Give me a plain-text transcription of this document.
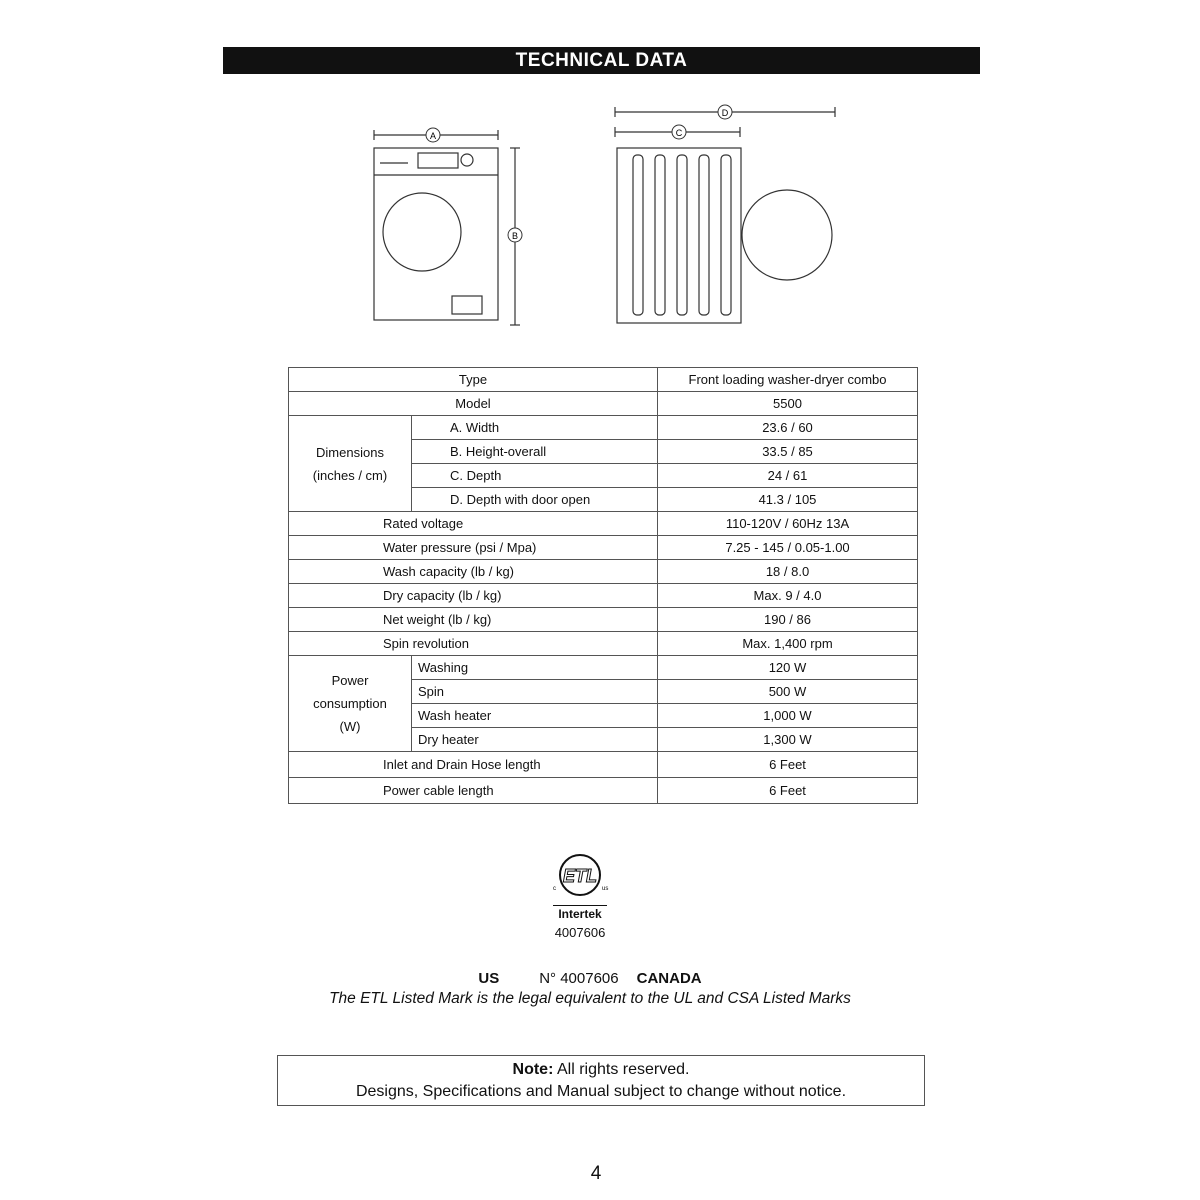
TECHNICAL DATA
A
B
D
C
Type		Front loading washer-dryer combo
Model		5500
Dimensions
(inches / cm)	A. Width	23.6 / 60
	B. Height-overall	33.5 / 85
	C. Depth	24 / 61
	D. Depth with door open	41.3 / 105
Rated voltage		110-120V / 60Hz 13A
Water pressure (psi / Mpa)		7.25 - 145 / 0.05-1.00
Wash capacity (lb / kg)		18 / 8.0
Dry capacity (lb / kg)		Max. 9 / 4.0
Net weight (lb / kg)		190 / 86
Spin revolution		Max. 1,400 rpm
Power
consumption
(W)	Washing	120 W
	Spin	500 W
	Wash heater	1,000 W
	Dry heater	1,300 W
Inlet and Drain Hose length		6 Feet
Power cable length		6 Feet
ETL
c	us
Intertek
4007606
US	N° 4007606 CANADA
The ETL Listed Mark is the legal equivalent to the UL and CSA Listed Marks
Note: All rights reserved.
Designs, Specifications and Manual subject to change without notice.
4
